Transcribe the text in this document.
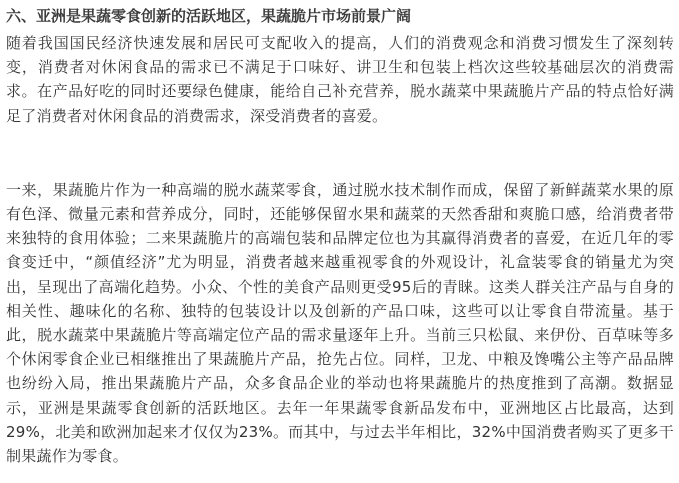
六、亚洲是果蔬零食创新的活跃地区，果蔬脆片市场前景广阔

随着我国国民经济快速发展和居民可支配收入的提高，人们的消费观念和消费习惯发生了深刻转变，消费者对休闲食品的需求已不满足于口味好、讲卫生和包装上档次这些较基础层次的消费需求。在产品好吃的同时还要绿色健康，能给自己补充营养，脱水蔬菜中果蔬脆片产品的特点恰好满足了消费者对休闲食品的消费需求，深受消费者的喜爱。

一来，果蔬脆片作为一种高端的脱水蔬菜零食，通过脱水技术制作而成，保留了新鲜蔬菜水果的原有色泽、微量元素和营养成分，同时，还能够保留水果和蔬菜的天然香甜和爽脆口感，给消费者带来独特的食用体验；二来果蔬脆片的高端包装和品牌定位也为其赢得消费者的喜爱，在近几年的零食变迁中，“颜值经济”尤为明显，消费者越来越重视零食的外观设计，礼盒装零食的销量尤为突出，呈现出了高端化趋势。小众、个性的美食产品则更受95后的青睐。这类人群关注产品与自身的相关性、趣味化的名称、独特的包装设计以及创新的产品口味，这些可以让零食自带流量。基于此，脱水蔬菜中果蔬脆片等高端定位产品的需求量逐年上升。当前三只松鼠、来伊份、百草味等多个休闲零食企业已相继推出了果蔬脆片产品，抢先占位。同样，卫龙、中粮及馋嘴公主等产品品牌也纷纷入局，推出果蔬脆片产品，众多食品企业的举动也将果蔬脆片的热度推到了高潮。数据显示，亚洲是果蔬零食创新的活跃地区。去年一年果蔬零食新品发布中，亚洲地区占比最高，达到29%，北美和欧洲加起来才仅仅为23%。而其中，与过去半年相比，32%中国消费者购买了更多干制果蔬作为零食。
